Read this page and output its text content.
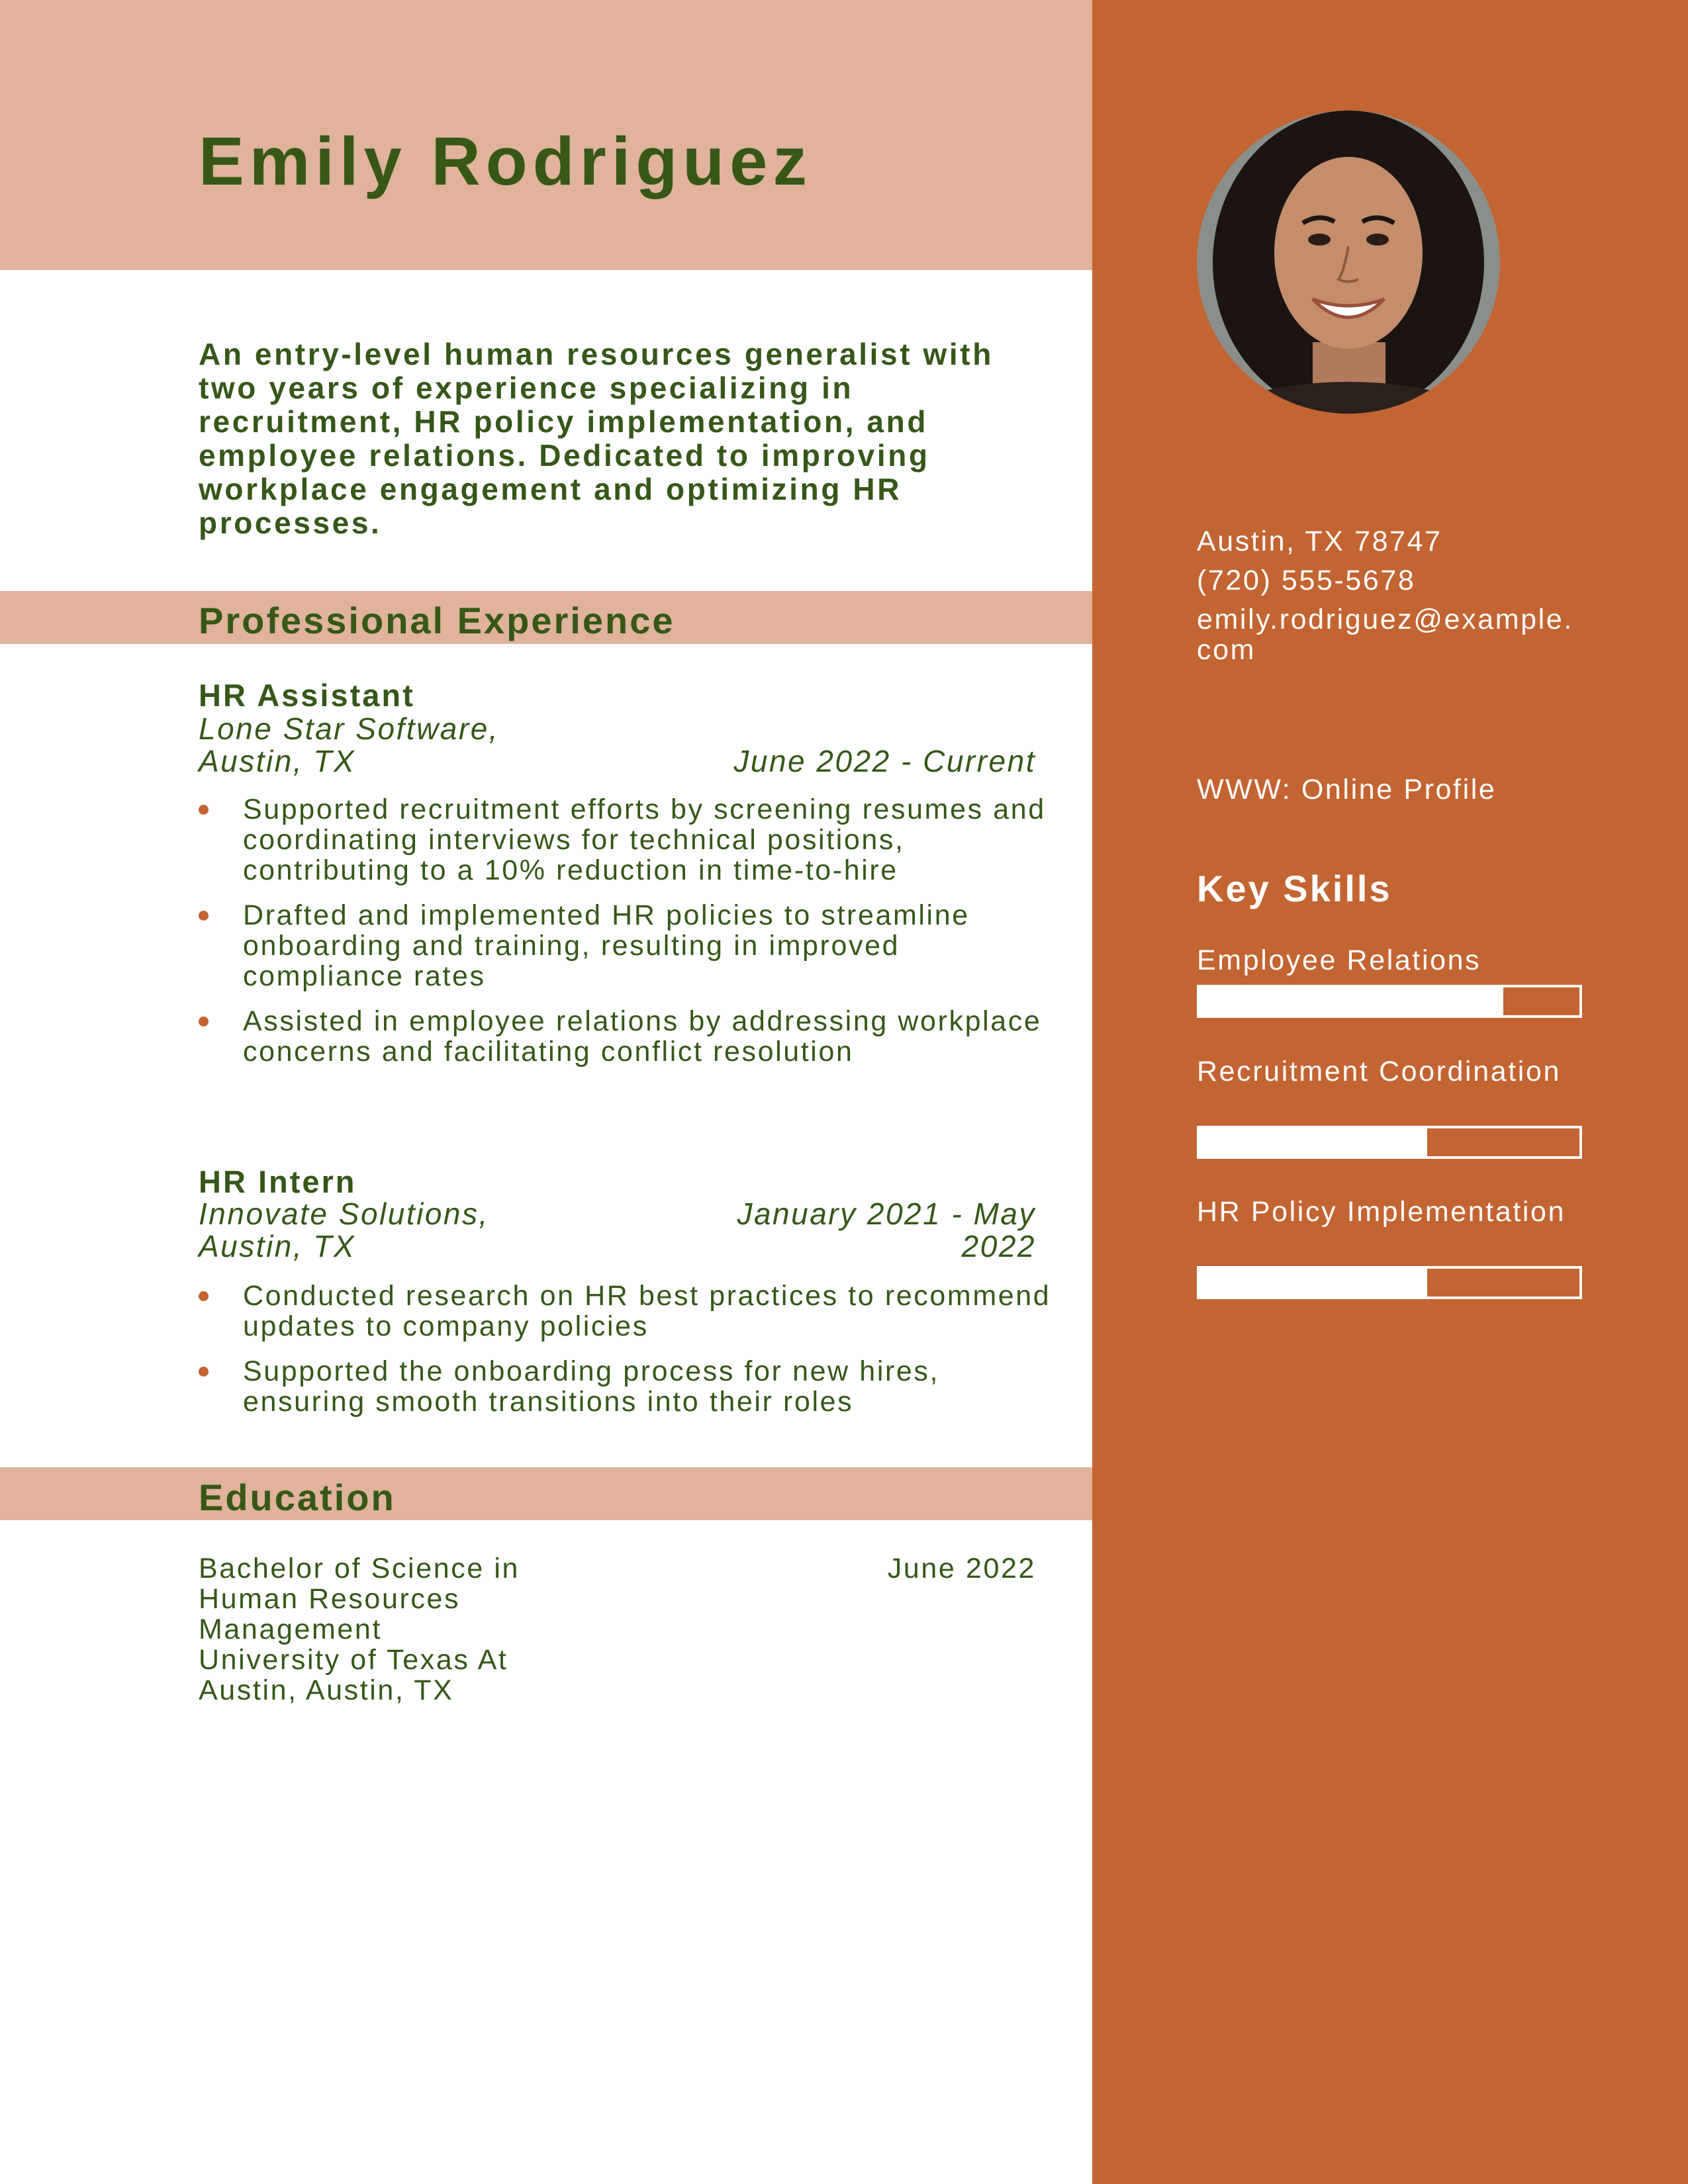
Emily Rodriguez
An entry-level human resources generalist with two years of experience specializing in recruitment, HR policy implementation, and employee relations. Dedicated to improving workplace engagement and optimizing HR processes.
Professional Experience
HR Assistant
Lone Star Software,
Austin, TX	June 2022 - Current
Supported recruitment efforts by screening resumes and coordinating interviews for technical positions, contributing to a 10% reduction in time-to-hire
Drafted and implemented HR policies to streamline onboarding and training, resulting in improved compliance rates
Assisted in employee relations by addressing workplace concerns and facilitating conflict resolution
HR Intern
Innovate Solutions,
Austin, TX
January 2021 - May 2022
Conducted research on HR best practices to recommend updates to company policies
Supported the onboarding process for new hires, ensuring smooth transitions into their roles
Education
Bachelor of Science in Human Resources Management
University of Texas At Austin, Austin, TX
June 2022
Austin, TX 78747
(720) 555-5678
emily.rodriguez@example.com
WWW: Online Profile
Key Skills
Employee Relations
Recruitment Coordination
HR Policy Implementation
